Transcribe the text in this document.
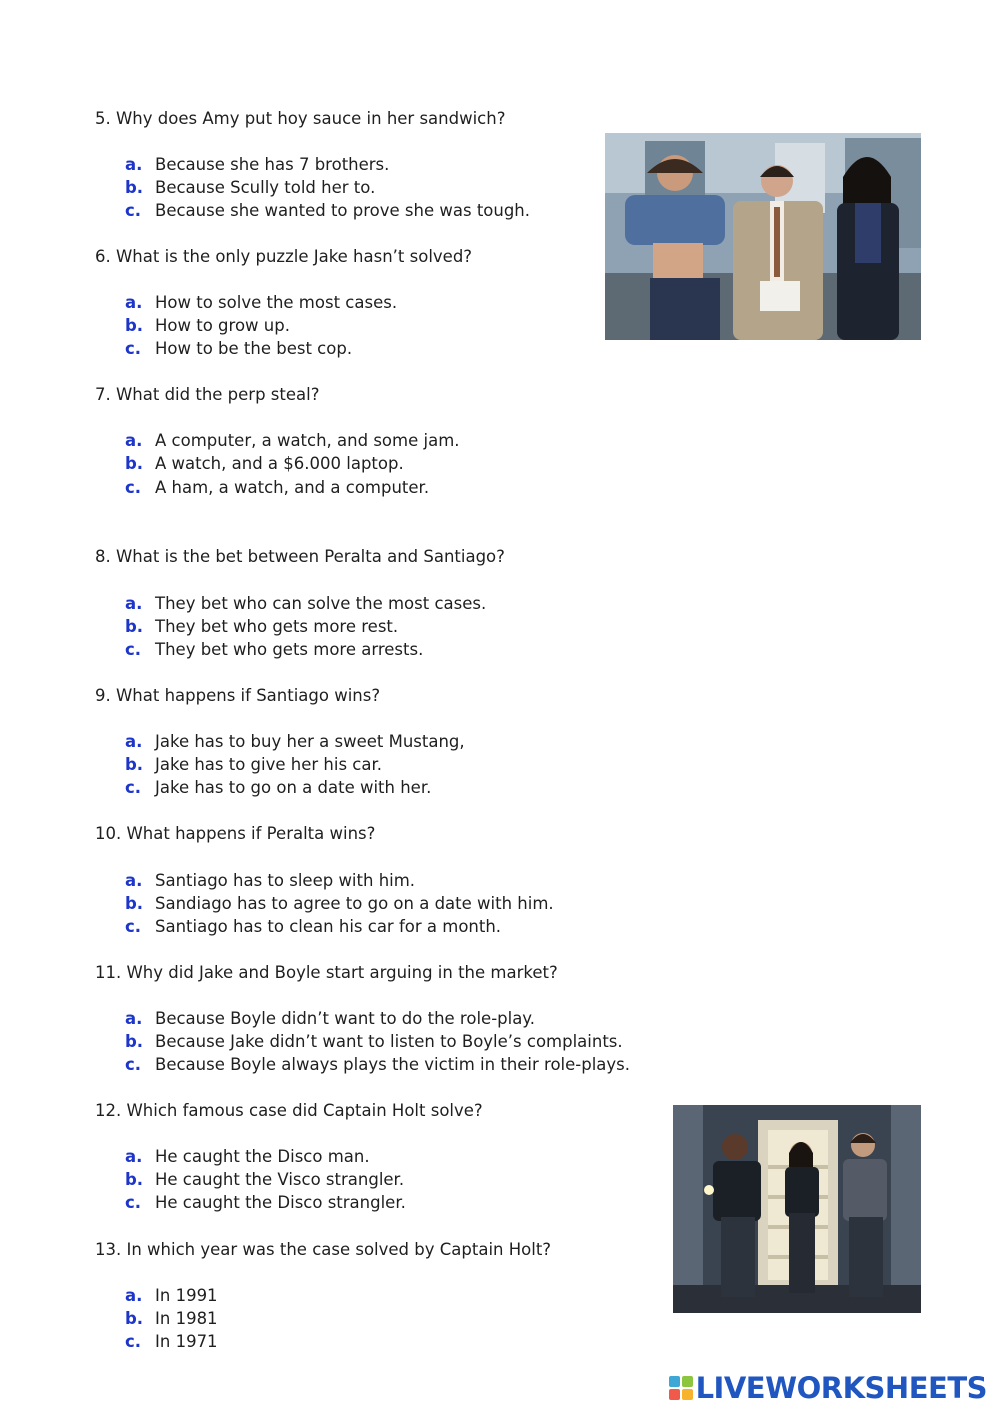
5. Why does Amy put hoy sauce in her sandwich?

a. Because she has 7 brothers.
b. Because Scully told her to.
c. Because she wanted to prove she was tough.

6. What is the only puzzle Jake hasn’t solved?

a. How to solve the most cases.
b. How to grow up.
c. How to be the best cop.

7. What did the perp steal?

a. A computer, a watch, and some jam.
b. A watch, and a $6.000 laptop.
c. A ham, a watch, and a computer.

8. What is the bet between Peralta and Santiago?

a. They bet who can solve the most cases.
b. They bet who gets more rest.
c. They bet who gets more arrests.

9. What happens if Santiago wins?

a. Jake has to buy her a sweet Mustang,
b. Jake has to give her his car.
c. Jake has to go on a date with her.

10. What happens if Peralta wins?

a. Santiago has to sleep with him.
b. Sandiago has to agree to go on a date with him.
c. Santiago has to clean his car for a month.

11. Why did Jake and Boyle start arguing in the market?

a. Because Boyle didn’t want to do the role-play.
b. Because Jake didn’t want to listen to Boyle’s complaints.
c. Because Boyle always plays the victim in their role-plays.

12. Which famous case did Captain Holt solve?

a. He caught the Disco man.
b. He caught the Visco strangler.
c. He caught the Disco strangler.

13. In which year was the case solved by Captain Holt?

a. In 1991
b. In 1981
c. In 1971
LIVEWORKSHEETS
